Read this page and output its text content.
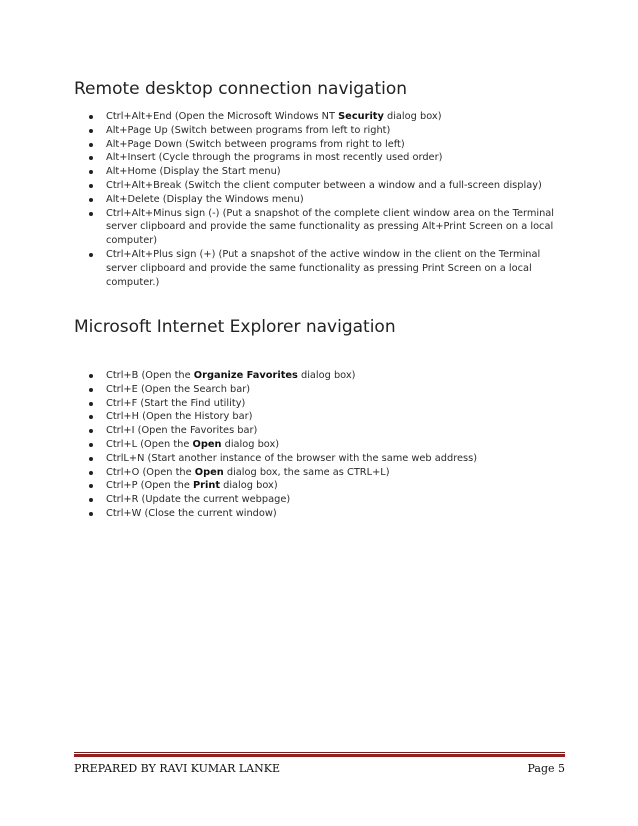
Remote desktop connection navigation
Ctrl+Alt+End (Open the Microsoft Windows NT Security dialog box)
Alt+Page Up (Switch between programs from left to right)
Alt+Page Down (Switch between programs from right to left)
Alt+Insert (Cycle through the programs in most recently used order)
Alt+Home (Display the Start menu)
Ctrl+Alt+Break (Switch the client computer between a window and a full-screen display)
Alt+Delete (Display the Windows menu)
Ctrl+Alt+Minus sign (-) (Put a snapshot of the complete client window area on the Terminal server clipboard and provide the same functionality as pressing Alt+Print Screen on a local computer)
Ctrl+Alt+Plus sign (+) (Put a snapshot of the active window in the client on the Terminal server clipboard and provide the same functionality as pressing Print Screen on a local computer.)
Microsoft Internet Explorer navigation
Ctrl+B (Open the Organize Favorites dialog box)
Ctrl+E (Open the Search bar)
Ctrl+F (Start the Find utility)
Ctrl+H (Open the History bar)
Ctrl+I (Open the Favorites bar)
Ctrl+L (Open the Open dialog box)
CtrlL+N (Start another instance of the browser with the same web address)
Ctrl+O (Open the Open dialog box, the same as CTRL+L)
Ctrl+P (Open the Print dialog box)
Ctrl+R (Update the current webpage)
Ctrl+W (Close the current window)
PREPARED BY RAVI KUMAR LANKE	Page 5
